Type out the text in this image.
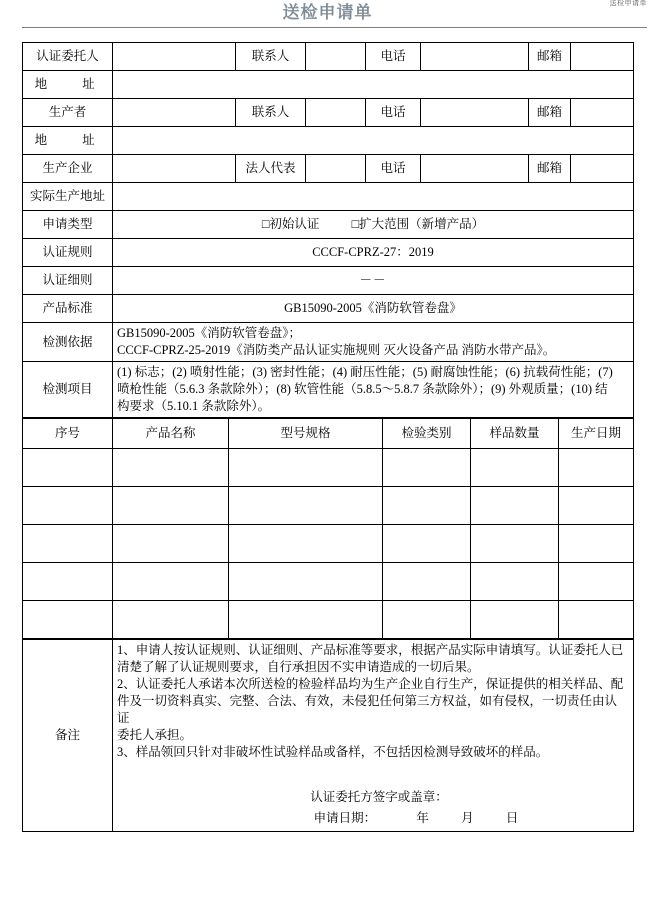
送检申请单
送检申请单
认证委托人		联系人		电话		邮箱	
地　址							
生产者		联系人		电话		邮箱	
地　址							
生产企业		法人代表		电话		邮箱	
实际生产地址							
申请类型	□初始认证 □扩大范围（新增产品）						
认证规则	CCCF-CPRZ-27：2019						
认证细则	－－						
产品标准	GB15090-2005《消防软管卷盘》						
检测依据	GB15090-2005《消防软管卷盘》；
CCCF-CPRZ-25-2019《消防类产品认证实施规则 灭火设备产品 消防水带产品》。						

检测项目	(1) 标志；(2) 喷射性能；(3) 密封性能；(4) 耐压性能；(5) 耐腐蚀性能；(6) 抗载荷性能；(7)
喷枪性能（5.6.3 条款除外）；(8) 软管性能（5.8.5～5.8.7 条款除外）；(9) 外观质量；(10) 结
构要求（5.10.1 条款除外）。						
序号	产品名称	型号规格	检验类别	样品数量	生产日期

备注	
1、申请人按认证规则、认证细则、产品标准等要求，根据产品实际申请填写。认证委托人已
清楚了解了认证规则要求，自行承担因不实申请造成的一切后果。
2、认证委托人承诺本次所送检的检验样品均为生产企业自行生产，保证提供的相关样品、配
件及一切资料真实、完整、合法、有效，未侵犯任何第三方权益，如有侵权，一切责任由认证
委托人承担。
3、样品领回只针对非破坏性试验样品或备样，不包括因检测导致破坏的样品。
认证委托方签字或盖章：
申请日期：	年	月	日
